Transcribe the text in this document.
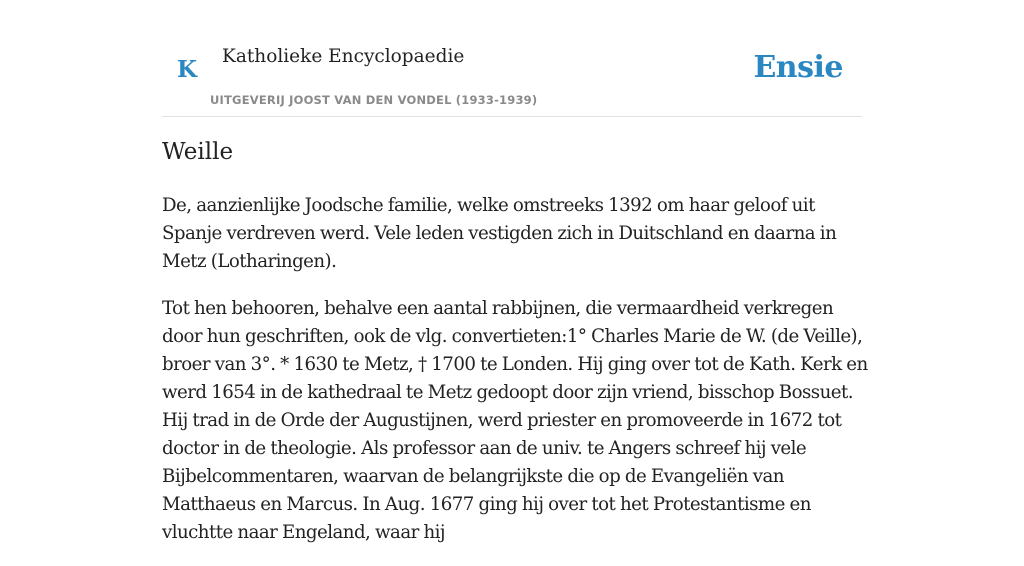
K Katholieke Encyclopaedie
UITGEVERIJ JOOST VAN DEN VONDEL (1933-1939)
Ensie
Weille

De, aanzienlijke Joodsche familie, welke omstreeks 1392 om haar geloof uit Spanje verdreven werd. Vele leden vestigden zich in Duitschland en daarna in Metz (Lotharingen).

Tot hen behooren, behalve een aantal rabbijnen, die vermaardheid verkregen door hun geschriften, ook de vlg. convertieten:1° Charles Marie de W. (de Veille), broer van 3°. * 1630 te Metz, † 1700 te Londen. Hij ging over tot de Kath. Kerk en werd 1654 in de kathedraal te Metz gedoopt door zijn vriend, bisschop Bossuet. Hij trad in de Orde der Augustijnen, werd priester en promoveerde in 1672 tot doctor in de theologie. Als professor aan de univ. te Angers schreef hij vele Bijbelcommentaren, waarvan de belangrijkste die op de Evangeliën van Matthaeus en Marcus. In Aug. 1677 ging hij over tot het Protestantisme en vluchtte naar Engeland, waar hij
